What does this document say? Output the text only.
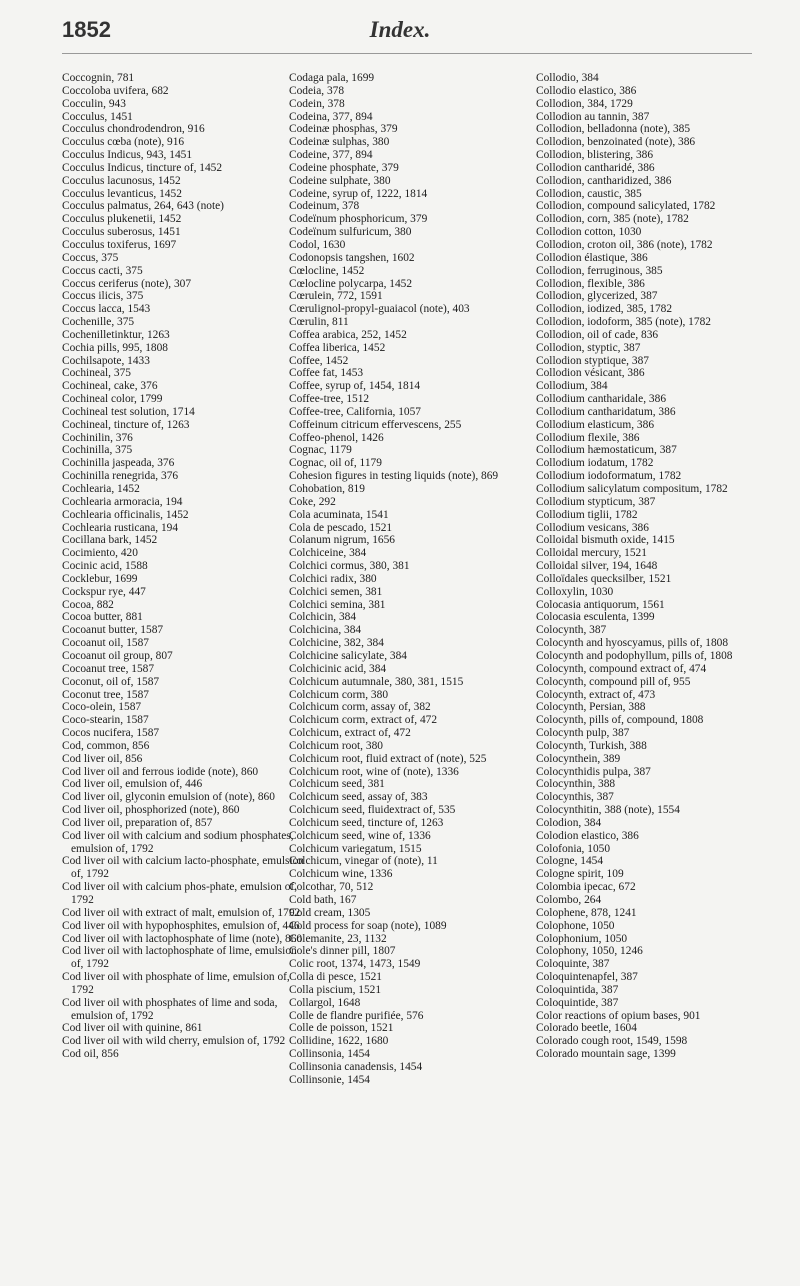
1852	Index.
Coccognin, 781
Coccoloba uvifera, 682
Cocculin, 943
Cocculus, 1451
Cocculus chondrodendron, 916
Cocculus cœba (note), 916
Cocculus Indicus, 943, 1451
Cocculus Indicus, tincture of, 1452
Cocculus lacunosus, 1452
Cocculus levanticus, 1452
Cocculus palmatus, 264, 643 (note)
Cocculus plukenetii, 1452
Cocculus suberosus, 1451
Cocculus toxiferus, 1697
Coccus, 375
Coccus cacti, 375
Coccus ceriferus (note), 307
Coccus ilicis, 375
Coccus lacca, 1543
Cochenille, 375
Cochenilletinktur, 1263
Cochia pills, 995, 1808
Cochilsapote, 1433
Cochineal, 375
Cochineal, cake, 376
Cochineal color, 1799
Cochineal test solution, 1714
Cochineal, tincture of, 1263
Cochinilin, 376
Cochinilla, 375
Cochinilla jaspeada, 376
Cochinilla renegrida, 376
Cochlearia, 1452
Cochlearia armoracia, 194
Cochlearia officinalis, 1452
Cochlearia rusticana, 194
Cocillana bark, 1452
Cocimiento, 420
Cocinic acid, 1588
Cocklebur, 1699
Cockspur rye, 447
Cocoa, 882
Cocoa butter, 881
Cocoanut butter, 1587
Cocoanut oil, 1587
Cocoanut oil group, 807
Cocoanut tree, 1587
Coconut, oil of, 1587
Coconut tree, 1587
Coco-olein, 1587
Coco-stearin, 1587
Cocos nucifera, 1587
Cod, common, 856
Cod liver oil, 856
Cod liver oil and ferrous iodide (note), 860
Cod liver oil, emulsion of, 446
Cod liver oil, glyconin emulsion of (note), 860
Cod liver oil, phosphorized (note), 860
Cod liver oil, preparation of, 857
Cod liver oil with calcium and sodium phosphates, emulsion of, 1792
Cod liver oil with calcium lacto-phosphate, emulsion of, 1792
Cod liver oil with calcium phos-phate, emulsion of, 1792
Cod liver oil with extract of malt, emulsion of, 1792
Cod liver oil with hypophosphites, emulsion of, 446
Cod liver oil with lactophosphate of lime (note), 860
Cod liver oil with lactophosphate of lime, emulsion of, 1792
Cod liver oil with phosphate of lime, emulsion of, 1792
Cod liver oil with phosphates of lime and soda, emulsion of, 1792
Cod liver oil with quinine, 861
Cod liver oil with wild cherry, emulsion of, 1792
Cod oil, 856
Codaga pala, 1699
Codeia, 378
Codein, 378
Codeina, 377, 894
Codeinæ phosphas, 379
Codeinæ sulphas, 380
Codeine, 377, 894
Codeine phosphate, 379
Codeine sulphate, 380
Codeine, syrup of, 1222, 1814
Codeinum, 378
Codeïnum phosphoricum, 379
Codeïnum sulfuricum, 380
Codol, 1630
Codonopsis tangshen, 1602
Cœlocline, 1452
Cœlocline polycarpa, 1452
Cœrulein, 772, 1591
Cœrulignol-propyl-guaiacol (note), 403
Cœrulin, 811
Coffea arabica, 252, 1452
Coffea liberica, 1452
Coffee, 1452
Coffee fat, 1453
Coffee, syrup of, 1454, 1814
Coffee-tree, 1512
Coffee-tree, California, 1057
Coffeinum citricum effervescens, 255
Coffeo-phenol, 1426
Cognac, 1179
Cognac, oil of, 1179
Cohesion figures in testing liquids (note), 869
Cohobation, 819
Coke, 292
Cola acuminata, 1541
Cola de pescado, 1521
Colanum nigrum, 1656
Colchiceine, 384
Colchici cormus, 380, 381
Colchici radix, 380
Colchici semen, 381
Colchici semina, 381
Colchicin, 384
Colchicina, 384
Colchicine, 382, 384
Colchicine salicylate, 384
Colchicinic acid, 384
Colchicum autumnale, 380, 381, 1515
Colchicum corm, 380
Colchicum corm, assay of, 382
Colchicum corm, extract of, 472
Colchicum, extract of, 472
Colchicum root, 380
Colchicum root, fluid extract of (note), 525
Colchicum root, wine of (note), 1336
Colchicum seed, 381
Colchicum seed, assay of, 383
Colchicum seed, fluidextract of, 535
Colchicum seed, tincture of, 1263
Colchicum seed, wine of, 1336
Colchicum variegatum, 1515
Colchicum, vinegar of (note), 11
Colchicum wine, 1336
Colcothar, 70, 512
Cold bath, 167
Cold cream, 1305
Cold process for soap (note), 1089
Colemanite, 23, 1132
Cole's dinner pill, 1807
Colic root, 1374, 1473, 1549
Colla di pesce, 1521
Colla piscium, 1521
Collargol, 1648
Colle de flandre purifiée, 576
Colle de poisson, 1521
Collidine, 1622, 1680
Collinsonia, 1454
Collinsonia canadensis, 1454
Collinsonie, 1454
Collodio, 384
Collodio elastico, 386
Collodion, 384, 1729
Collodion au tannin, 387
Collodion, belladonna (note), 385
Collodion, benzoinated (note), 386
Collodion, blistering, 386
Collodion cantharidé, 386
Collodion, cantharidized, 386
Collodion, caustic, 385
Collodion, compound salicylated, 1782
Collodion, corn, 385 (note), 1782
Collodion cotton, 1030
Collodion, croton oil, 386 (note), 1782
Collodion élastique, 386
Collodion, ferruginous, 385
Collodion, flexible, 386
Collodion, glycerized, 387
Collodion, iodized, 385, 1782
Collodion, iodoform, 385 (note), 1782
Collodion, oil of cade, 836
Collodion, styptic, 387
Collodion styptique, 387
Collodion vésicant, 386
Collodium, 384
Collodium cantharidale, 386
Collodium cantharidatum, 386
Collodium elasticum, 386
Collodium flexile, 386
Collodium hæmostaticum, 387
Collodium iodatum, 1782
Collodium iodoformatum, 1782
Collodium salicylatum compositum, 1782
Collodium stypticum, 387
Collodium tiglii, 1782
Collodium vesicans, 386
Colloidal bismuth oxide, 1415
Colloidal mercury, 1521
Colloidal silver, 194, 1648
Colloïdales quecksilber, 1521
Colloxylin, 1030
Colocasia antiquorum, 1561
Colocasia esculenta, 1399
Colocynth, 387
Colocynth and hyoscyamus, pills of, 1808
Colocynth and podophyllum, pills of, 1808
Colocynth, compound extract of, 474
Colocynth, compound pill of, 955
Colocynth, extract of, 473
Colocynth, Persian, 388
Colocynth, pills of, compound, 1808
Colocynth pulp, 387
Colocynth, Turkish, 388
Colocynthein, 389
Colocynthidis pulpa, 387
Colocynthin, 388
Colocynthis, 387
Colocynthitin, 388 (note), 1554
Colodion, 384
Colodion elastico, 386
Colofonia, 1050
Cologne, 1454
Cologne spirit, 109
Colombia ipecac, 672
Colombo, 264
Colophene, 878, 1241
Colophone, 1050
Colophonium, 1050
Colophony, 1050, 1246
Coloquinte, 387
Coloquintenapfel, 387
Coloquintida, 387
Coloquintide, 387
Color reactions of opium bases, 901
Colorado beetle, 1604
Colorado cough root, 1549, 1598
Colorado mountain sage, 1399
